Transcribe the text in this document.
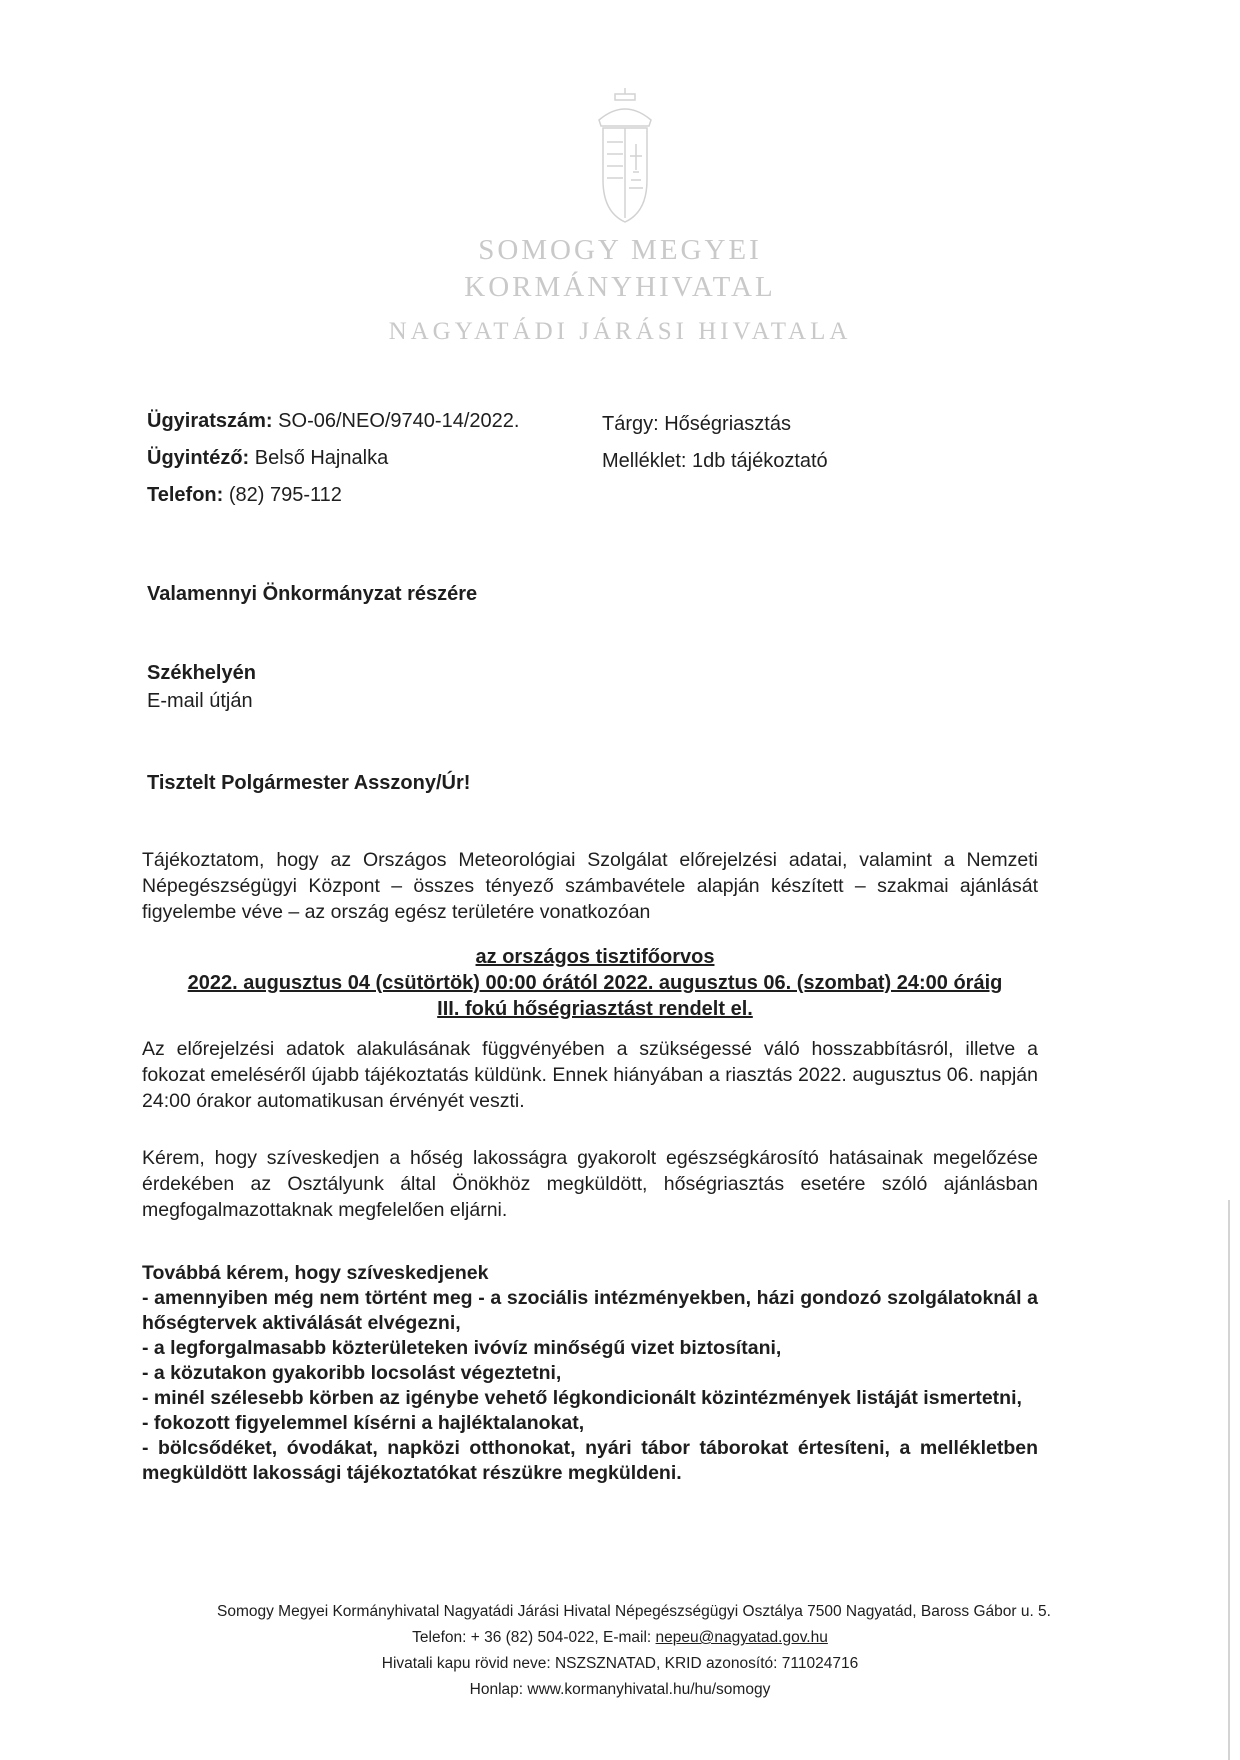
SOMOGY MEGYEI
KORMÁNYHIVATAL
NAGYATÁDI JÁRÁSI HIVATALA
Ügyiratszám: SO-06/NEO/9740-14/2022.
Ügyintéző: Belső Hajnalka
Telefon: (82) 795-112
Tárgy: Hőségriasztás
Melléklet: 1db tájékoztató
Valamennyi Önkormányzat részére
Székhelyén
E-mail útján
Tisztelt Polgármester Asszony/Úr!
Tájékoztatom, hogy az Országos Meteorológiai Szolgálat előrejelzési adatai, valamint a Nemzeti Népegészségügyi Központ – összes tényező számbavétele alapján készített – szakmai ajánlását figyelembe véve – az ország egész területére vonatkozóan
az országos tisztifőorvos
2022. augusztus 04 (csütörtök) 00:00 órától 2022. augusztus 06. (szombat) 24:00 óráig
III. fokú hőségriasztást rendelt el.
Az előrejelzési adatok alakulásának függvényében a szükségessé váló hosszabbításról, illetve a fokozat emeléséről újabb tájékoztatás küldünk. Ennek hiányában a riasztás 2022. augusztus 06. napján 24:00 órakor automatikusan érvényét veszti.
Kérem, hogy szíveskedjen a hőség lakosságra gyakorolt egészségkárosító hatásainak megelőzése érdekében az Osztályunk által Önökhöz megküldött, hőségriasztás esetére szóló ajánlásban megfogalmazottaknak megfelelően eljárni.
Továbbá kérem, hogy szíveskedjenek
- amennyiben még nem történt meg - a szociális intézményekben, házi gondozó szolgálatoknál a hőségtervek aktiválását elvégezni,
- a legforgalmasabb közterületeken ivóvíz minőségű vizet biztosítani,
- a közutakon gyakoribb locsolást végeztetni,
- minél szélesebb körben az igénybe vehető légkondicionált közintézmények listáját ismertetni,
- fokozott figyelemmel kísérni a hajléktalanokat,
- bölcsődéket, óvodákat, napközi otthonokat, nyári tábor táborokat értesíteni, a mellékletben megküldött lakossági tájékoztatókat részükre megküldeni.
Somogy Megyei Kormányhivatal Nagyatádi Járási Hivatal Népegészségügyi Osztálya 7500 Nagyatád, Baross Gábor u. 5.
Telefon: + 36 (82) 504-022, E-mail: nepeu@nagyatad.gov.hu
Hivatali kapu rövid neve: NSZSZNATAD, KRID azonosító: 711024716
Honlap: www.kormanyhivatal.hu/hu/somogy
